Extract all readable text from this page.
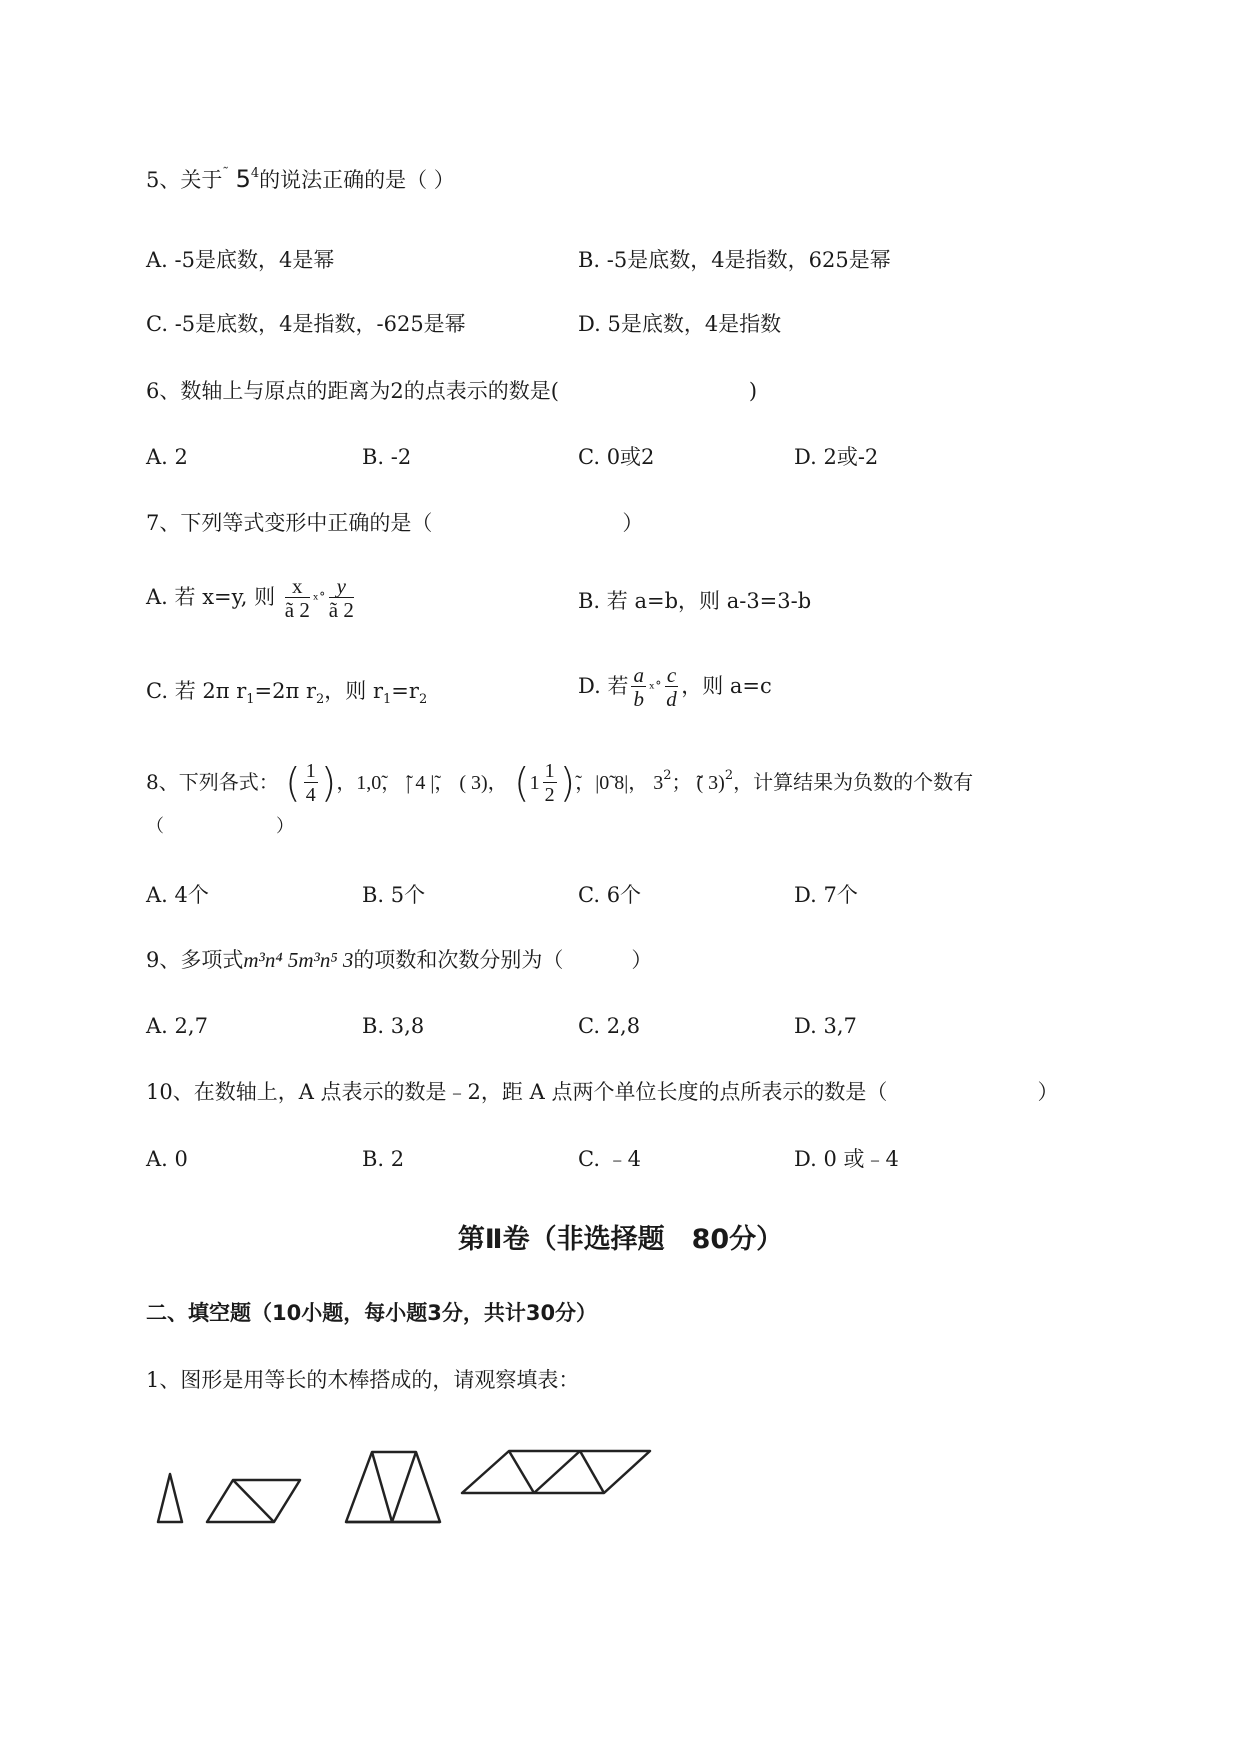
5、关于˜ $5^4$的说法正确的是（ ）
A. -5是底数，4是幂	B. -5是底数，4是指数，625是幂
C. -5是底数，4是指数，-625是幂	D. 5是底数，4是指数
6、数轴上与原点的距离为2的点表示的数是(	)
A. 2	B. -2	C. 0或2	D. 2或-2
7、下列等式变形中正确的是（	）
A. 若 x=y, 则 $\frac{x}{ã 2}$ ˣ˚ $\frac{y}{ã 2}$	B. 若 a=b，则 a-3=3-b
C. 若 2π $r_1=2\pi$ $r_2$，则 $r_1=r_2$
D. 若 $\frac{a}{b}$ ˣ˚ $\frac{c}{d}$ ，则 a=c
8、下列各式： ( $\frac{1}{4}$ )，1,0̃， ̃| 4 |̃， ( 3)， ($1 \frac{1}{2}$ )̃，|0̃ 8|， $3^2$； ̃( 3)$^2$，计算结果为负数的个数有
（	）
A. 4个	B. 5个	C. 6个	D. 7个
9、多项式m³n⁴ 5m³n⁵ 3的项数和次数分别为（	）
A. 2,7	B. 3,8	C. 2,8	D. 3,7
10、在数轴上，A 点表示的数是﹣2，距 A 点两个单位长度的点所表示的数是（	）
A. 0	B. 2	C. ﹣4	D. 0 或﹣4
第Ⅱ卷（非选择题　80分）
二、填空题（10小题，每小题3分，共计30分）
1、图形是用等长的木棒搭成的，请观察填表：
